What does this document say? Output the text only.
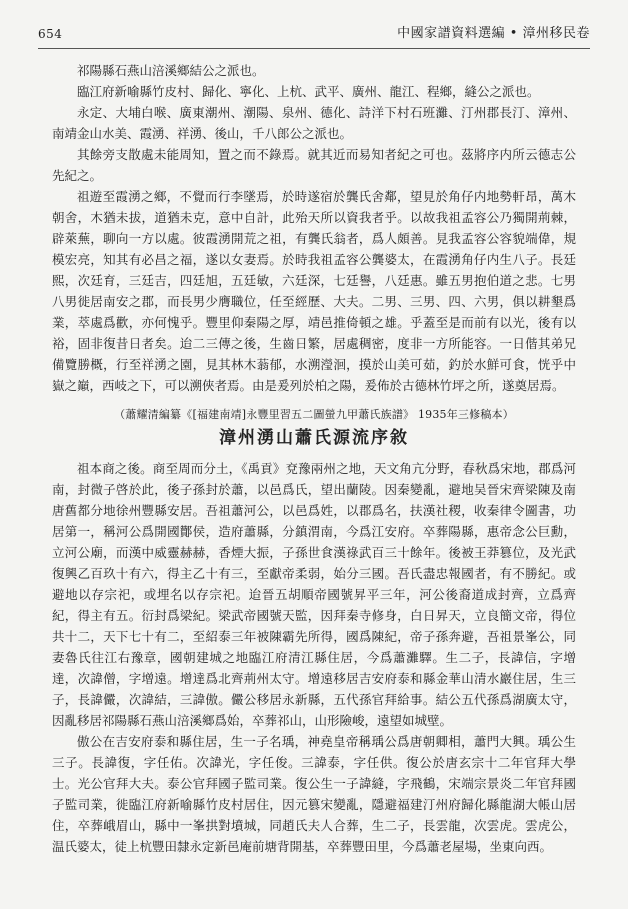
654	中國家譜資料選編 • 漳州移民卷

祁陽縣石燕山涪溪鄉結公之派也。

臨江府新喻縣竹皮村、歸化、寧化、上杭、武平、廣州、龍江、程鄉，縫公之派也。

永定、大埔白喉、廣東潮州、潮陽、泉州、德化、詩洋下村石班灘、汀州郡長汀、漳州、南靖金山水美、霞湧、祥湧、後山，千八郎公之派也。

其餘旁支散處未能周知，置之而不錄焉。就其近而易知者紀之可也。茲將序内所云德志公先紀之。

祖遊至霞湧之鄉，不覺而行李墜焉，於時遂宿於龔氏舍鄰，望見於角仔内地勢軒昂，萬木朝舍，木猶未拔，道猶未克，意中自計，此殆天所以資我者乎。以故我祖孟容公乃獨開荊棘，辟萊蕪，聊向一方以處。彼霞湧開荒之祖，有龔氏翁者，爲人頗善。見我孟容公容貌端偉，規模宏亮，知其有必昌之福，遂以女妻焉。於時我祖孟容公龔婆太，在霞湧角仔内生八子。長廷熙，次廷育，三廷吉，四廷旭，五廷敏，六廷深，七廷譽，八廷惠。雖五男抱伯道之悲。七男八男徙居南安之郡，而長男少膺職位，任至經歷、大夫。二男、三男、四、六男，俱以耕墾爲業，萃處爲歡，亦何愧乎。豐里仰秦陽之厚，靖邑推倚頓之雄。乎蓋至是而前有以光，後有以裕，固非復昔日者矣。迨二三傳之後，生齒日繁，居處稠密，度非一方所能容。一日偕其弟兄備覽勝概，行至祥湧之園，見其林木蓊郁，水溯瀅洄，摸於山美可茹，釣於水鮮可食，恍乎中嶽之巔，西岐之下，可以溯俠者焉。由是爰列於柏之陽，爰佈於古德林竹坪之所，遂奠居焉。

（蕭耀清編纂《[福建南靖]永豐里習五二圖螢九甲蕭氏族譜》 1935年三修稿本）

漳州湧山蕭氏源流序敘

祖本商之後。商至周而分土，《禹貢》兗豫兩州之地，天文角亢分野，春秋爲宋地，郡爲河南，封微子啓於此，後子孫封於蕭，以邑爲氏，望出蘭陵。因秦變亂，避地吴晉宋齊梁陳及南唐舊都分地徐州豐縣安居。吾祖蕭河公，以邑爲姓，以郡爲名，扶漢社稷，收秦律令圖書，功居第一，稱河公爲開國酇侯，造府蕭縣，分鎮渭南，今爲江安府。卒葬陽縣，惠帝念公巨勳，立河公廟，而漢中威靈赫赫，香煙大振，子孫世食漢祿武百三十餘年。後被王莽篡位，及光武復興乙百玖十有六，得主乙十有三，至獻帝柔弱，始分三國。吾氏盡忠報國者，有不勝紀。或避地以存宗祀，或埋名以存宗祀。迨晉五胡順帝國號昇平三年，河公後裔道成封齊，立爲齊紀，得主有五。衍封爲梁紀。梁武帝國號天監，因拜秦寺修身，白日昇天，立良簡文帝，得位共十二，天下七十有二，至紹泰三年被陳霸先所得，國爲陳紀，帝子孫奔避，吾祖景峯公，同妻魯氏往江右豫章，國朝建城之地臨江府清江縣住居，今爲蕭灘驛。生二子，長諱信，字增達，次諱僧，字增遠。增達爲北齊荊州太守。增遠移居吉安府泰和縣金華山清水巖住居，生三子，長諱儼，次諱結，三諱傲。儼公移居永新縣，五代孫官拜給事。結公五代孫爲湖廣太守，因亂移居祁陽縣石燕山涪溪鄉爲始，卒葬祁山，山形險峻，遠望如城壁。

傲公在吉安府泰和縣住居，生一子名瑀，神堯皇帝稱瑀公爲唐朝卿相，蕭門大興。瑀公生三子。長諱復，字任佑。次諱光，字任俊。三諱泰，字任供。復公於唐玄宗十二年官拜大學士。光公官拜大夫。泰公官拜國子監司業。復公生一子諱縫，字飛鶴，宋端宗景炎二年官拜國子監司業，徙臨江府新喻縣竹皮村居住，因元篡宋變亂，隱避福建汀州府歸化縣龍湖大帳山居住，卒葬峨眉山，縣中一峯拱對墳城，同趙氏夫人合葬，生二子，長雲龍，次雲虎。雲虎公，温氏婆太，徒上杭豐田隸永定新邑庵前塘背開基，卒葬豐田里，今爲蕭老屋場，坐東向西。
